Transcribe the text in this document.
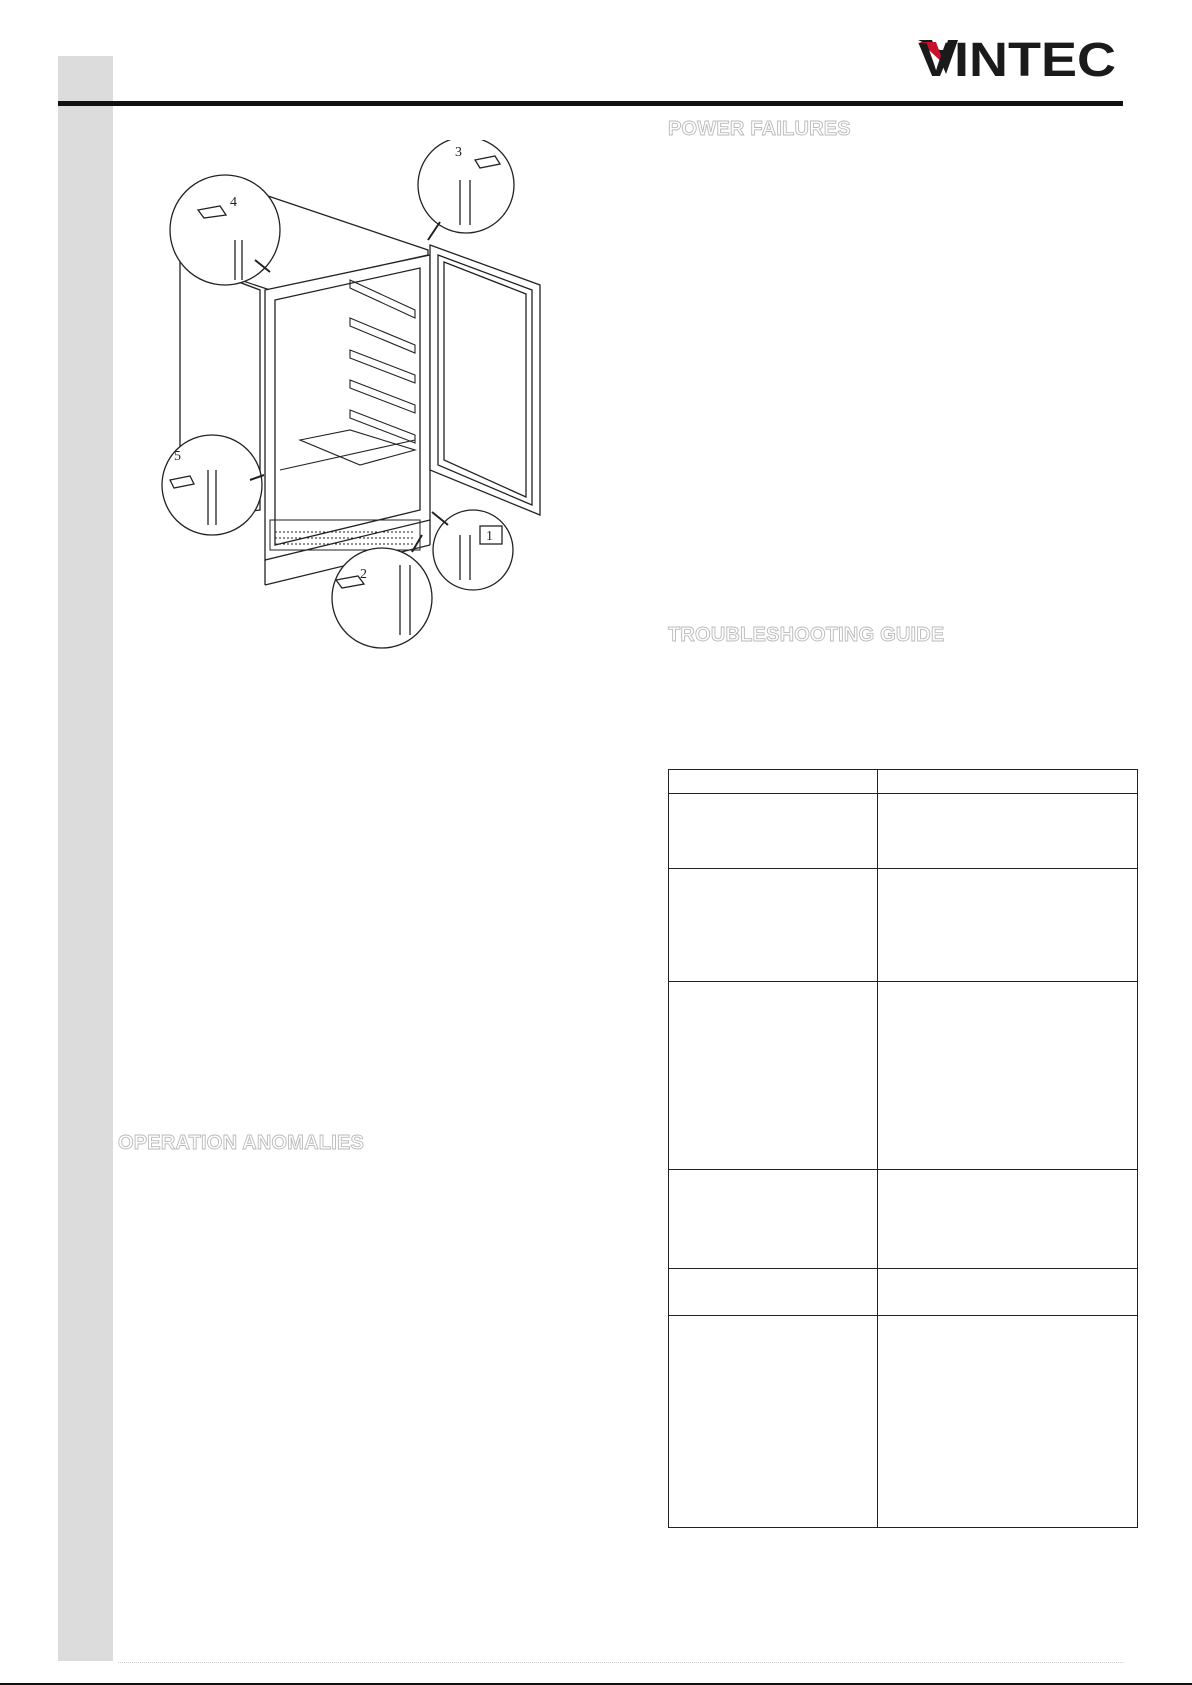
VINTEC
POWER FAILURES
TROUBLESHOOTING GUIDE
OPERATION ANOMALIES
4
3
5
2
1
